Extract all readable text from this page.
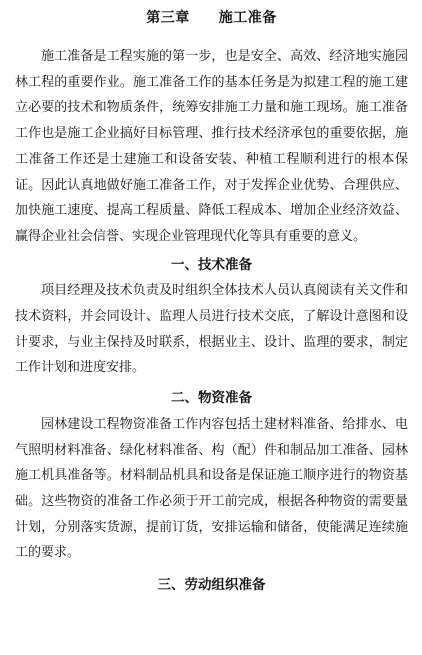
第三章　　施工准备

施工准备是工程实施的第一步，也是安全、高效、经济地实施园林工程的重要作业。施工准备工作的基本任务是为拟建工程的施工建立必要的技术和物质条件，统筹安排施工力量和施工现场。施工准备工作也是施工企业搞好目标管理、推行技术经济承包的重要依据，施工准备工作还是土建施工和设备安装、种植工程顺利进行的根本保证。因此认真地做好施工准备工作，对于发挥企业优势、合理供应、加快施工速度、提高工程质量、降低工程成本、增加企业经济效益、赢得企业社会信誉、实现企业管理现代化等具有重要的意义。

一、技术准备

项目经理及技术负责及时组织全体技术人员认真阅读有关文件和技术资料，并会同设计、监理人员进行技术交底，了解设计意图和设计要求，与业主保持及时联系，根据业主、设计、监理的要求，制定工作计划和进度安排。

二、物资准备

园林建设工程物资准备工作内容包括土建材料准备、给排水、电气照明材料准备、绿化材料准备、构（配）件和制品加工准备、园林施工机具准备等。材料制品机具和设备是保证施工顺序进行的物资基础。这些物资的准备工作必须于开工前完成，根据各种物资的需要量计划，分别落实货源，提前订货，安排运输和储备，使能满足连续施工的要求。

三、劳动组织准备
